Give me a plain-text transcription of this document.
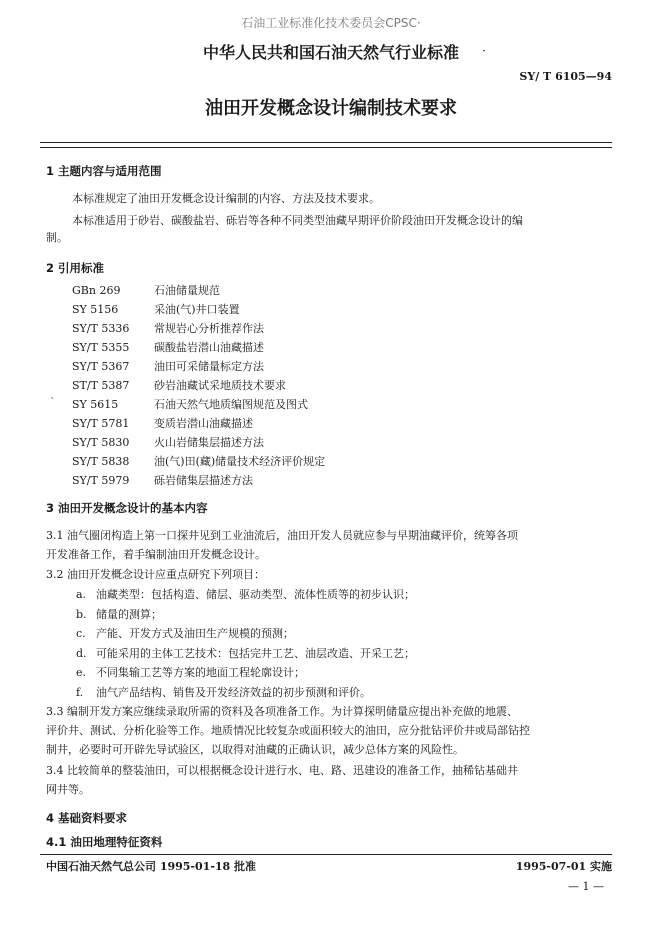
石油工业标准化技术委员会CPSC·
中华人民共和国石油天然气行业标准	·
SY/ T 6105—94
油田开发概念设计编制技术要求
1 主题内容与适用范围
本标准规定了油田开发概念设计编制的内容、方法及技术要求。
本标准适用于砂岩、碳酸盐岩、砾岩等各种不同类型油藏早期评价阶段油田开发概念设计的编
制。
2 引用标准
GBn 269	石油储量规范
SY 5156	采油(气)井口装置
SY/T 5336 常规岩心分析推荐作法
SY/T 5355 碳酸盐岩潜山油藏描述
SY/T 5367 油田可采储量标定方法
ST/T 5387 砂岩油藏试采地质技术要求
SY 5615	石油天然气地质编图规范及图式
SY/T 5781 变质岩潜山油藏描述
SY/T 5830 火山岩储集层描述方法
SY/T 5838 油(气)田(藏)储量技术经济评价规定
SY/T 5979 砾岩储集层描述方法
`
3 油田开发概念设计的基本内容
3.1 油气圈闭构造上第一口探井见到工业油流后，油田开发人员就应参与早期油藏评价，统筹各项
开发准备工作，着手编制油田开发概念设计。
3.2 油田开发概念设计应重点研究下列项目：
a. 油藏类型：包括构造、储层、驱动类型、流体性质等的初步认识；
b. 储量的测算；
c. 产能、开发方式及油田生产规模的预测；
d. 可能采用的主体工艺技术：包括完井工艺、油层改造、开采工艺；
e. 不同集输工艺等方案的地面工程轮廓设计；
f. 油气产品结构、销售及开发经济效益的初步预测和评价。
3.3 编制开发方案应继续录取所需的资料及各项准备工作。为计算探明储量应提出补充做的地震、
评价井、测试、分析化验等工作。地质情况比较复杂或面积较大的油田，应分批钻评价井或局部钻控
制井，必要时可开辟先导试验区，以取得对油藏的正确认识，减少总体方案的风险性。
3.4 比较简单的整装油田，可以根据概念设计进行水、电、路、迅建设的准备工作，抽稀钻基础井
网井等。
4 基础资料要求
4.1 油田地理特征资料
中国石油天然气总公司 1995-01-18 批准	1995-07-01 实施
— 1 —
